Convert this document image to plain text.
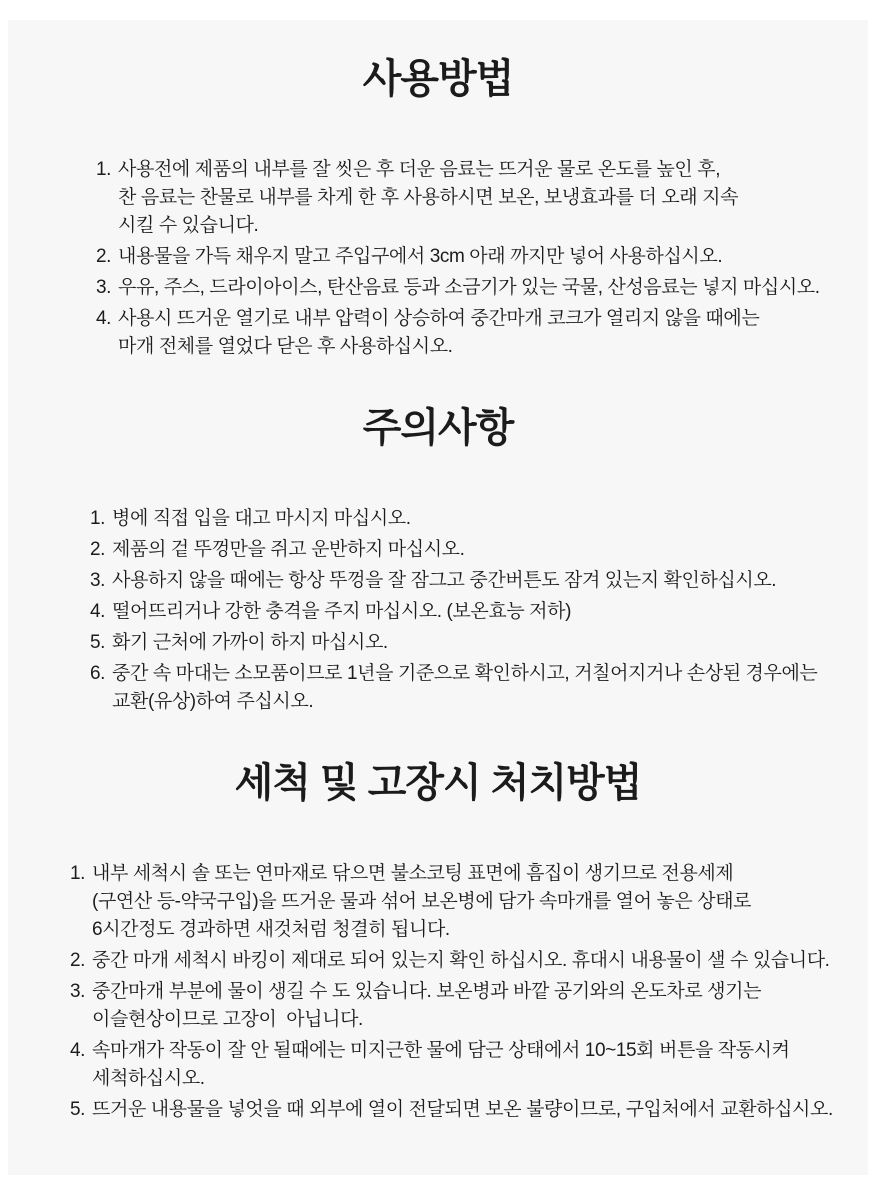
사용방법
1. 사용전에 제품의 내부를 잘 씻은 후 더운 음료는 뜨거운 물로 온도를 높인 후,
찬 음료는 찬물로 내부를 차게 한 후 사용하시면 보온, 보냉효과를 더 오래 지속
시킬 수 있습니다.
2. 내용물을 가득 채우지 말고 주입구에서 3cm 아래 까지만 넣어 사용하십시오.
3. 우유, 주스, 드라이아이스, 탄산음료 등과 소금기가 있는 국물, 산성음료는 넣지 마십시오.
4. 사용시 뜨거운 열기로 내부 압력이 상승하여 중간마개 코크가 열리지 않을 때에는
마개 전체를 열었다 닫은 후 사용하십시오.
주의사항
1. 병에 직접 입을 대고 마시지 마십시오.
2. 제품의 겉 뚜껑만을 쥐고 운반하지 마십시오.
3. 사용하지 않을 때에는 항상 뚜껑을 잘 잠그고 중간버튼도 잠겨 있는지 확인하십시오.
4. 떨어뜨리거나 강한 충격을 주지 마십시오. (보온효능 저하)
5. 화기 근처에 가까이 하지 마십시오.
6. 중간 속 마대는 소모품이므로 1년을 기준으로 확인하시고, 거칠어지거나 손상된 경우에는
교환(유상)하여 주십시오.
세척 및 고장시 처치방법
1. 내부 세척시 솔 또는 연마재로 닦으면 불소코팅 표면에 흠집이 생기므로 전용세제
(구연산 등-약국구입)을 뜨거운 물과 섞어 보온병에 담가 속마개를 열어 놓은 상태로
6시간정도 경과하면 새것처럼 청결히 됩니다.
2. 중간 마개 세척시 바킹이 제대로 되어 있는지 확인 하십시오. 휴대시 내용물이 샐 수 있습니다.
3. 중간마개 부분에 물이 생길 수 도 있습니다. 보온병과 바깥 공기와의 온도차로 생기는
이슬현상이므로 고장이  아닙니다.
4. 속마개가 작동이 잘 안 될때에는 미지근한 물에 담근 상태에서 10~15회 버튼을 작동시켜
세척하십시오.
5. 뜨거운 내용물을 넣엇을 때 외부에 열이 전달되면 보온 불량이므로, 구입처에서 교환하십시오.
